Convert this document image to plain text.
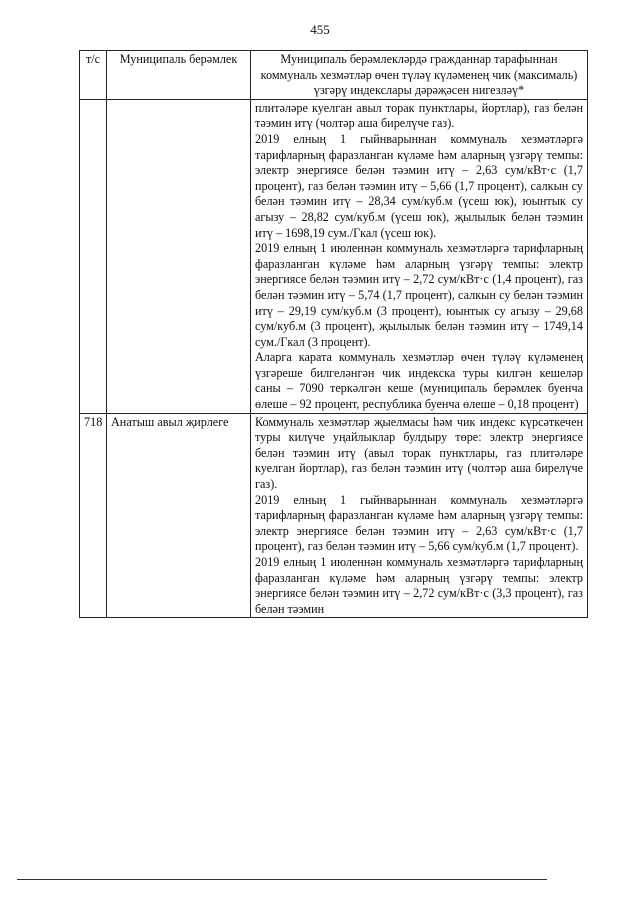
455
т/с	Муниципаль берәмлек	Муниципаль берәмлекләрдә гражданнар тарафыннан коммуналь хезмәтләр өчен түләү күләменең чик (максималь) үзгәрү индекслары дәрәҗәсен нигезләү*

		плитәләре куелган авыл торак пунктлары, йортлар), газ белән тәэмин итү (чолтәр аша бирелүче газ).

2019 елның 1 гыйнварыннан коммуналь хезмәтләргә тарифларның фаразланган күләме һәм аларның үзгәрү темпы: электр энергиясе белән тәэмин итү – 2,63 сум/кВт·с (1,7 процент), газ белән тәэмин итү – 5,66 (1,7 процент), салкын су белән тәэмин итү – 28,34 сум/куб.м (үсеш юк), юынтык су агызу – 28,82 сум/куб.м (үсеш юк), җылылык белән тәэмин итү – 1698,19 сум./Гкал (үсеш юк).

2019 елның 1 июленнән коммуналь хезмәтләргә тарифларның фаразланган күләме һәм аларның үзгәрү темпы: электр энергиясе белән тәэмин итү – 2,72 сум/кВт·с (1,4 процент), газ белән тәэмин итү – 5,74 (1,7 процент), салкын су белән тәэмин итү – 29,19 сум/куб.м (3 процент), юынтык су агызу – 29,68 сум/куб.м (3 процент), җылылык белән тәэмин итү – 1749,14 сум./Гкал (3 процент).

Аларга карата коммуналь хезмәтләр өчен түләү күләменең үзгәреше билгеләнгән чик индекска туры килгән кешеләр саны – 7090 теркәлгән кеше (муниципаль берәмлек буенча өлеше – 92 процент, республика буенча өлеше – 0,18 процент)

718	Анатыш авыл җирлеге	Коммуналь хезмәтләр җыелмасы һәм чик индекс күрсәткечен туры килүче уңайлыклар булдыру төре: электр энергиясе белән тәэмин итү (авыл торак пунктлары, газ плитәләре куелган йортлар), газ белән тәэмин итү (чолтәр аша бирелүче газ).

2019 елның 1 гыйнварыннан коммуналь хезмәтләргә тарифларның фаразланган күләме һәм аларның үзгәрү темпы: электр энергиясе белән тәэмин итү – 2,63 сум/кВт·с (1,7 процент), газ белән тәэмин итү – 5,66 сум/куб.м (1,7 процент).

2019 елның 1 июленнән коммуналь хезмәтләргә тарифларның фаразланган күләме һәм аларның үзгәрү темпы: электр энергиясе белән тәэмин итү – 2,72 сум/кВт·с (3,3 процент), газ белән тәэмин
